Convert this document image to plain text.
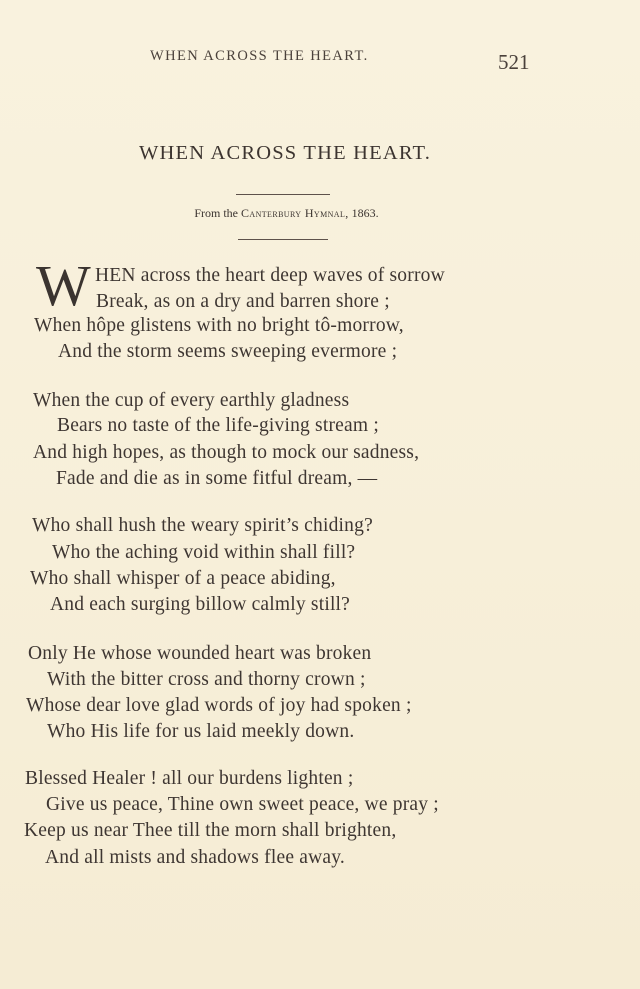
WHEN ACROSS THE HEART.	521
WHEN ACROSS THE HEART.
From the Canterbury Hymnal, 1863.
W HEN across the heart deep waves of sorrow
Break, as on a dry and barren shore ;
When hôpe glistens with no bright tô-morrow,
And the storm seems sweeping evermore ;
When the cup of every earthly gladness
Bears no taste of the life-giving stream ;
And high hopes, as though to mock our sadness,
Fade and die as in some fitful dream, —
Who shall hush the weary spirit’s chiding?
Who the aching void within shall fill?
Who shall whisper of a peace abiding,
And each surging billow calmly still?
Only He whose wounded heart was broken
With the bitter cross and thorny crown ;
Whose dear love glad words of joy had spoken ;
Who His life for us laid meekly down.
Blessed Healer ! all our burdens lighten ;
Give us peace, Thine own sweet peace, we pray ;
Keep us near Thee till the morn shall brighten,
And all mists and shadows flee away.
